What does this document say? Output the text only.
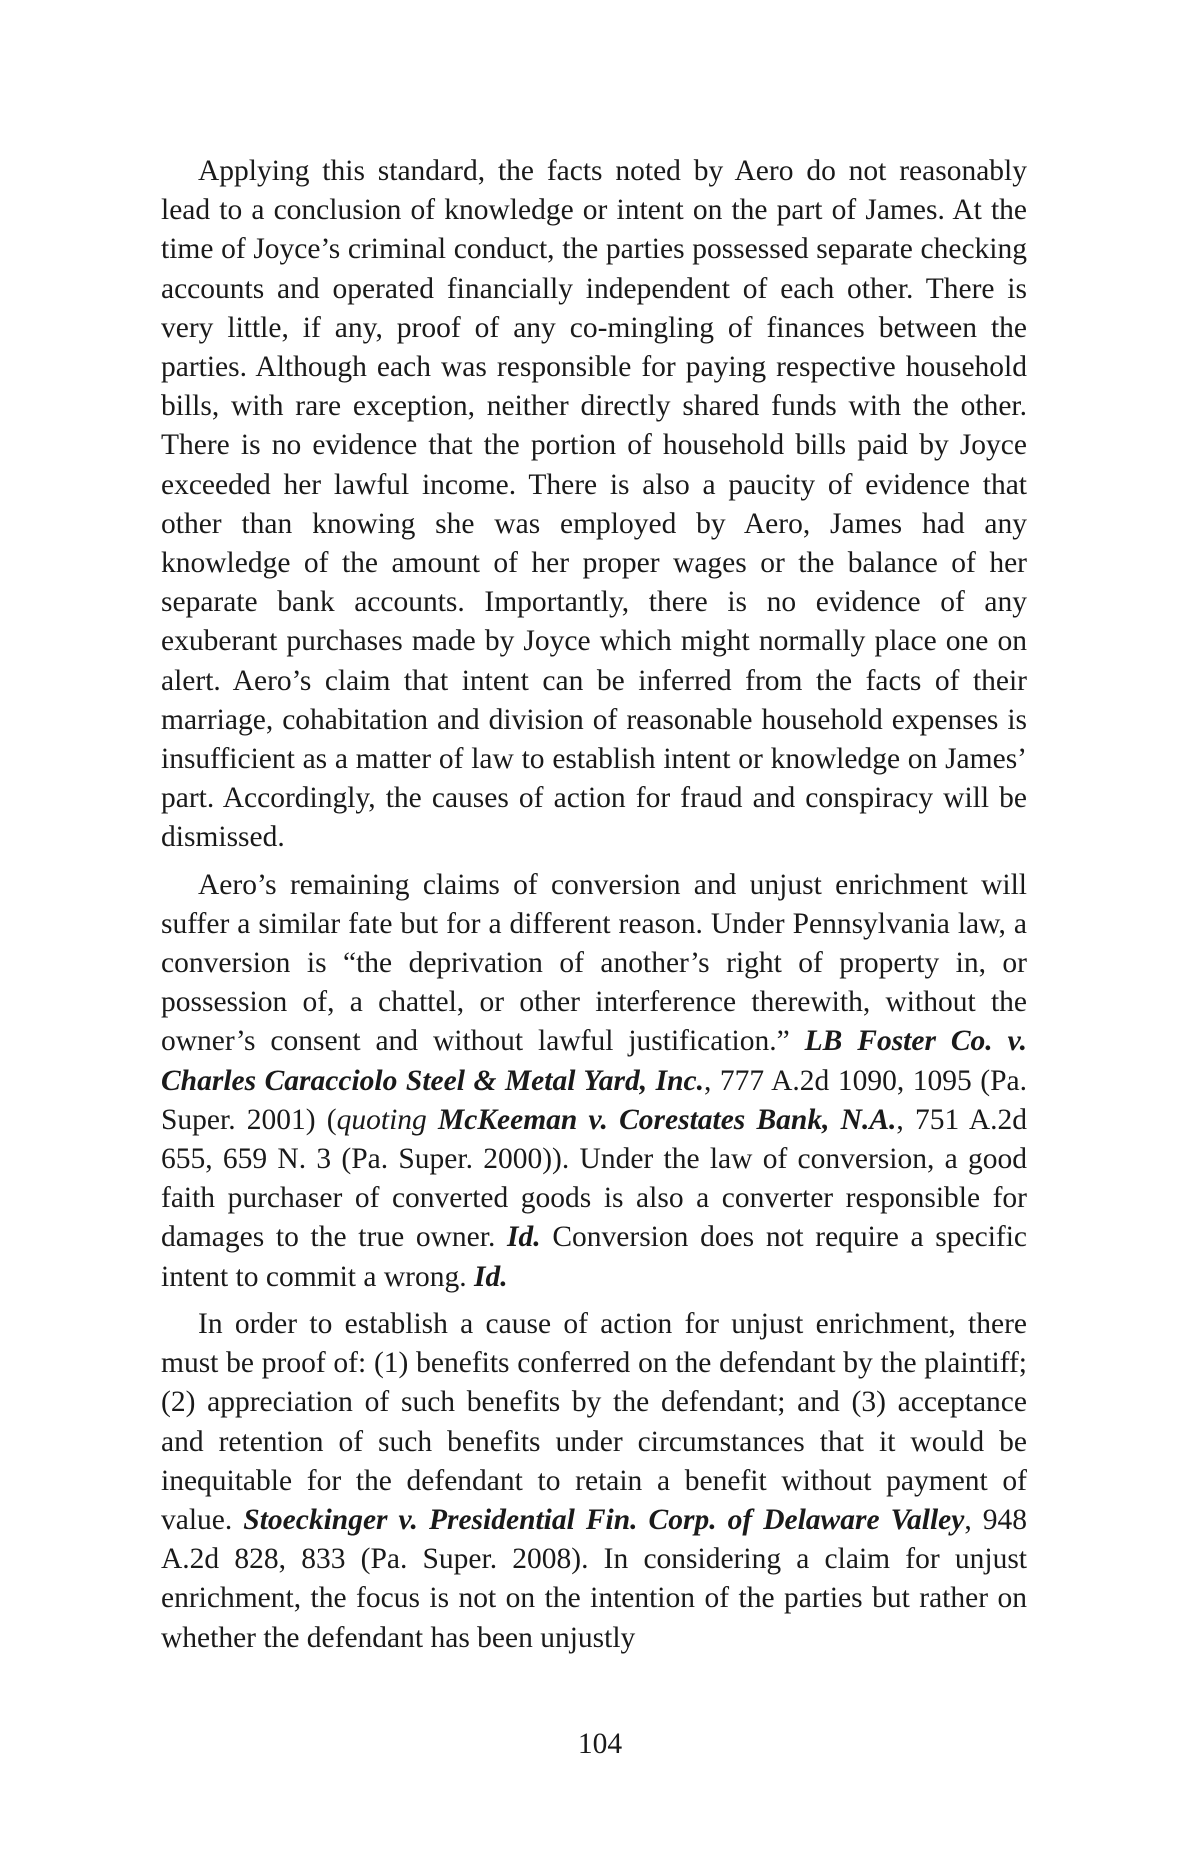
Applying this standard, the facts noted by Aero do not reasonably lead to a conclusion of knowledge or intent on the part of James. At the time of Joyce’s criminal conduct, the parties possessed separate checking accounts and operated financially independent of each other. There is very little, if any, proof of any co-mingling of finances between the parties. Although each was responsible for paying respective household bills, with rare exception, neither directly shared funds with the other. There is no evidence that the portion of household bills paid by Joyce exceeded her lawful income. There is also a paucity of evidence that other than knowing she was employed by Aero, James had any knowledge of the amount of her proper wages or the balance of her separate bank accounts. Importantly, there is no evidence of any exuberant purchases made by Joyce which might normally place one on alert. Aero’s claim that intent can be inferred from the facts of their marriage, cohabitation and division of reasonable household expenses is insufficient as a matter of law to establish intent or knowledge on James’ part. Accordingly, the causes of action for fraud and conspiracy will be dismissed.

Aero’s remaining claims of conversion and unjust enrichment will suffer a similar fate but for a different reason. Under Pennsylvania law, a conversion is “the deprivation of another’s right of property in, or possession of, a chattel, or other interference therewith, without the owner’s consent and without lawful justification.” LB Foster Co. v. Charles Caracciolo Steel & Metal Yard, Inc., 777 A.2d 1090, 1095 (Pa. Super. 2001) (quoting McKeeman v. Corestates Bank, N.A., 751 A.2d 655, 659 N. 3 (Pa. Super. 2000)). Under the law of conversion, a good faith purchaser of converted goods is also a converter responsible for damages to the true owner. Id. Conversion does not require a specific intent to commit a wrong. Id.

In order to establish a cause of action for unjust enrichment, there must be proof of: (1) benefits conferred on the defendant by the plaintiff; (2) appreciation of such benefits by the defendant; and (3) acceptance and retention of such benefits under circumstances that it would be inequitable for the defendant to retain a benefit without payment of value. Stoeckinger v. Presidential Fin. Corp. of Delaware Valley, 948 A.2d 828, 833 (Pa. Super. 2008). In considering a claim for unjust enrichment, the focus is not on the intention of the parties but rather on whether the defendant has been unjustly

104
